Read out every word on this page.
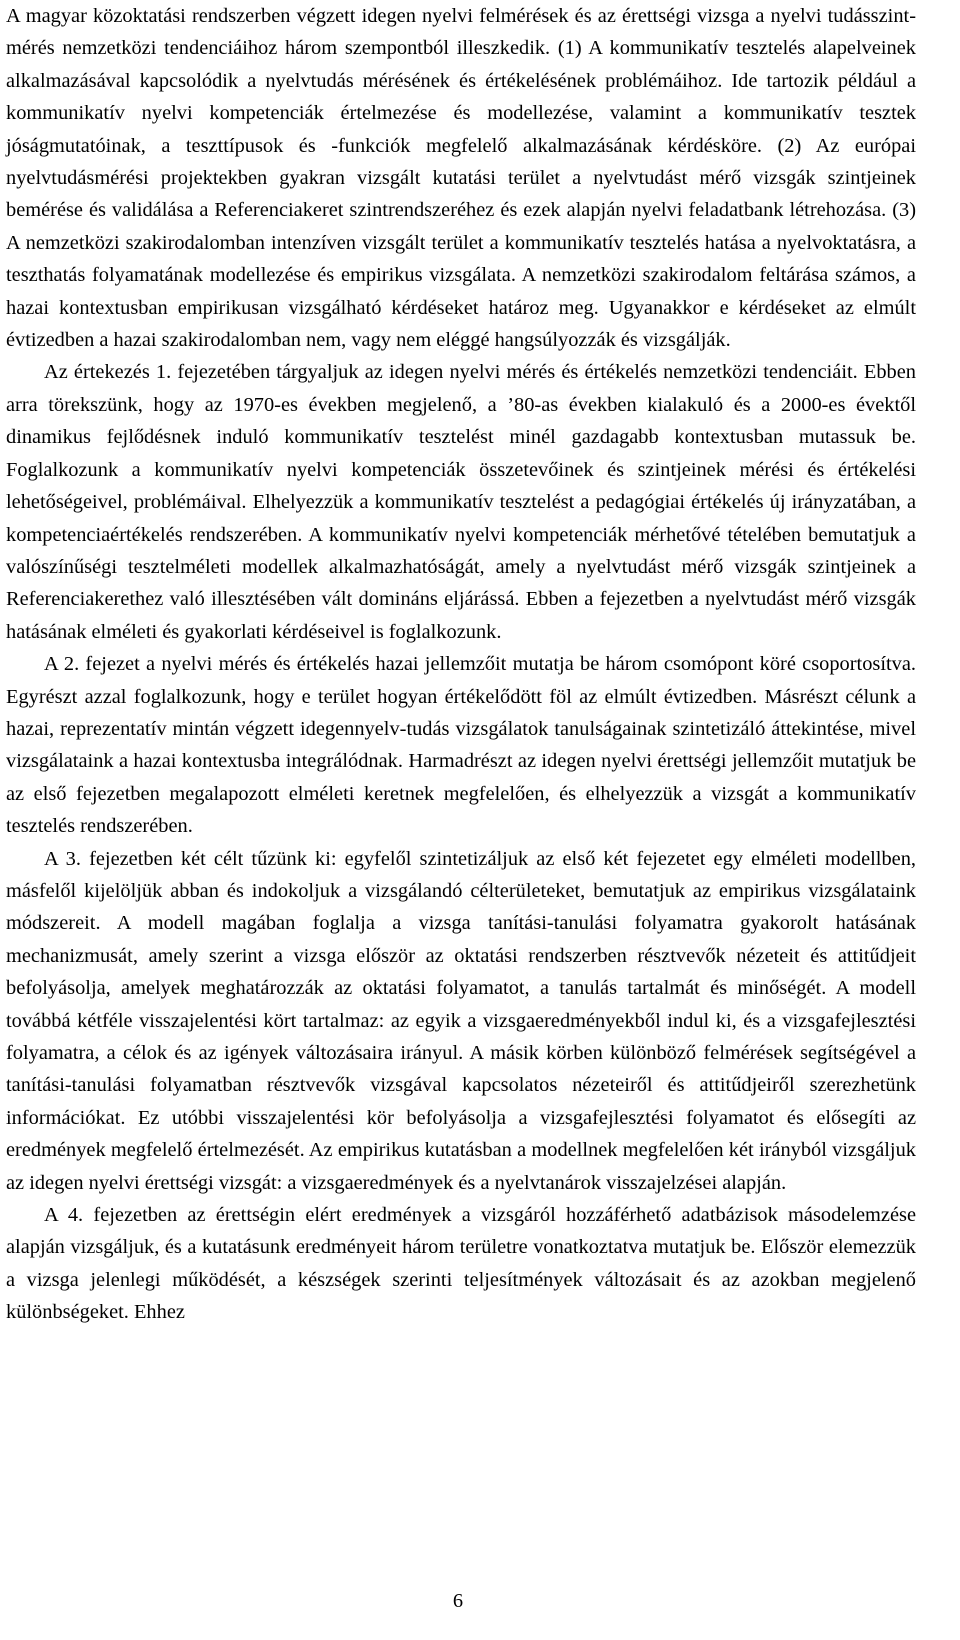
A magyar közoktatási rendszerben végzett idegen nyelvi felmérések és az érettségi vizsga a nyelvi tudásszint-mérés nemzetközi tendenciáihoz három szempontból illeszkedik. (1) A kommunikatív tesztelés alapelveinek alkalmazásával kapcsolódik a nyelvtudás mérésének és értékelésének problémáihoz. Ide tartozik például a kommunikatív nyelvi kompetenciák értelmezése és modellezése, valamint a kommunikatív tesztek jóságmutatóinak, a teszttípusok és -funkciók megfelelő alkalmazásának kérdésköre. (2) Az európai nyelvtudásmérési projektekben gyakran vizsgált kutatási terület a nyelvtudást mérő vizsgák szintjeinek bemérése és validálása a Referenciakeret szintrendszeréhez és ezek alapján nyelvi feladatbank létrehozása. (3) A nemzetközi szakirodalomban intenzíven vizsgált terület a kommunikatív tesztelés hatása a nyelvoktatásra, a teszthatás folyamatának modellezése és empirikus vizsgálata. A nemzetközi szakirodalom feltárása számos, a hazai kontextusban empirikusan vizsgálható kérdéseket határoz meg. Ugyanakkor e kérdéseket az elmúlt évtizedben a hazai szakirodalomban nem, vagy nem eléggé hangsúlyozzák és vizsgálják.

Az értekezés 1. fejezetében tárgyaljuk az idegen nyelvi mérés és értékelés nemzetközi tendenciáit. Ebben arra törekszünk, hogy az 1970-es években megjelenő, a ’80-as években kialakuló és a 2000-es évektől dinamikus fejlődésnek induló kommunikatív tesztelést minél gazdagabb kontextusban mutassuk be. Foglalkozunk a kommunikatív nyelvi kompetenciák összetevőinek és szintjeinek mérési és értékelési lehetőségeivel, problémáival. Elhelyezzük a kommunikatív tesztelést a pedagógiai értékelés új irányzatában, a kompetenciaértékelés rendszerében. A kommunikatív nyelvi kompetenciák mérhetővé tételében bemutatjuk a valószínűségi tesztelméleti modellek alkalmazhatóságát, amely a nyelvtudást mérő vizsgák szintjeinek a Referenciakerethez való illesztésében vált domináns eljárássá. Ebben a fejezetben a nyelvtudást mérő vizsgák hatásának elméleti és gyakorlati kérdéseivel is foglalkozunk.

A 2. fejezet a nyelvi mérés és értékelés hazai jellemzőit mutatja be három csomópont köré csoportosítva. Egyrészt azzal foglalkozunk, hogy e terület hogyan értékelődött föl az elmúlt évtizedben. Másrészt célunk a hazai, reprezentatív mintán végzett idegennyelv-tudás vizsgálatok tanulságainak szintetizáló áttekintése, mivel vizsgálataink a hazai kontextusba integrálódnak. Harmadrészt az idegen nyelvi érettségi jellemzőit mutatjuk be az első fejezetben megalapozott elméleti keretnek megfelelően, és elhelyezzük a vizsgát a kommunikatív tesztelés rendszerében.

A 3. fejezetben két célt tűzünk ki: egyfelől szintetizáljuk az első két fejezetet egy elméleti modellben, másfelől kijelöljük abban és indokoljuk a vizsgálandó célterületeket, bemutatjuk az empirikus vizsgálataink módszereit. A modell magában foglalja a vizsga tanítási-tanulási folyamatra gyakorolt hatásának mechanizmusát, amely szerint a vizsga először az oktatási rendszerben résztvevők nézeteit és attitűdjeit befolyásolja, amelyek meghatározzák az oktatási folyamatot, a tanulás tartalmát és minőségét. A modell továbbá kétféle visszajelentési kört tartalmaz: az egyik a vizsgaeredményekből indul ki, és a vizsgafejlesztési folyamatra, a célok és az igények változásaira irányul. A másik körben különböző felmérések segítségével a tanítási-tanulási folyamatban résztvevők vizsgával kapcsolatos nézeteiről és attitűdjeiről szerezhetünk információkat. Ez utóbbi visszajelentési kör befolyásolja a vizsgafejlesztési folyamatot és elősegíti az eredmények megfelelő értelmezését. Az empirikus kutatásban a modellnek megfelelően két irányból vizsgáljuk az idegen nyelvi érettségi vizsgát: a vizsgaeredmények és a nyelvtanárok visszajelzései alapján.

A 4. fejezetben az érettségin elért eredmények a vizsgáról hozzáférhető adatbázisok másodelemzése alapján vizsgáljuk, és a kutatásunk eredményeit három területre vonatkoztatva mutatjuk be. Először elemezzük a vizsga jelenlegi működését, a készségek szerinti teljesítmények változásait és az azokban megjelenő különbségeket. Ehhez

6
